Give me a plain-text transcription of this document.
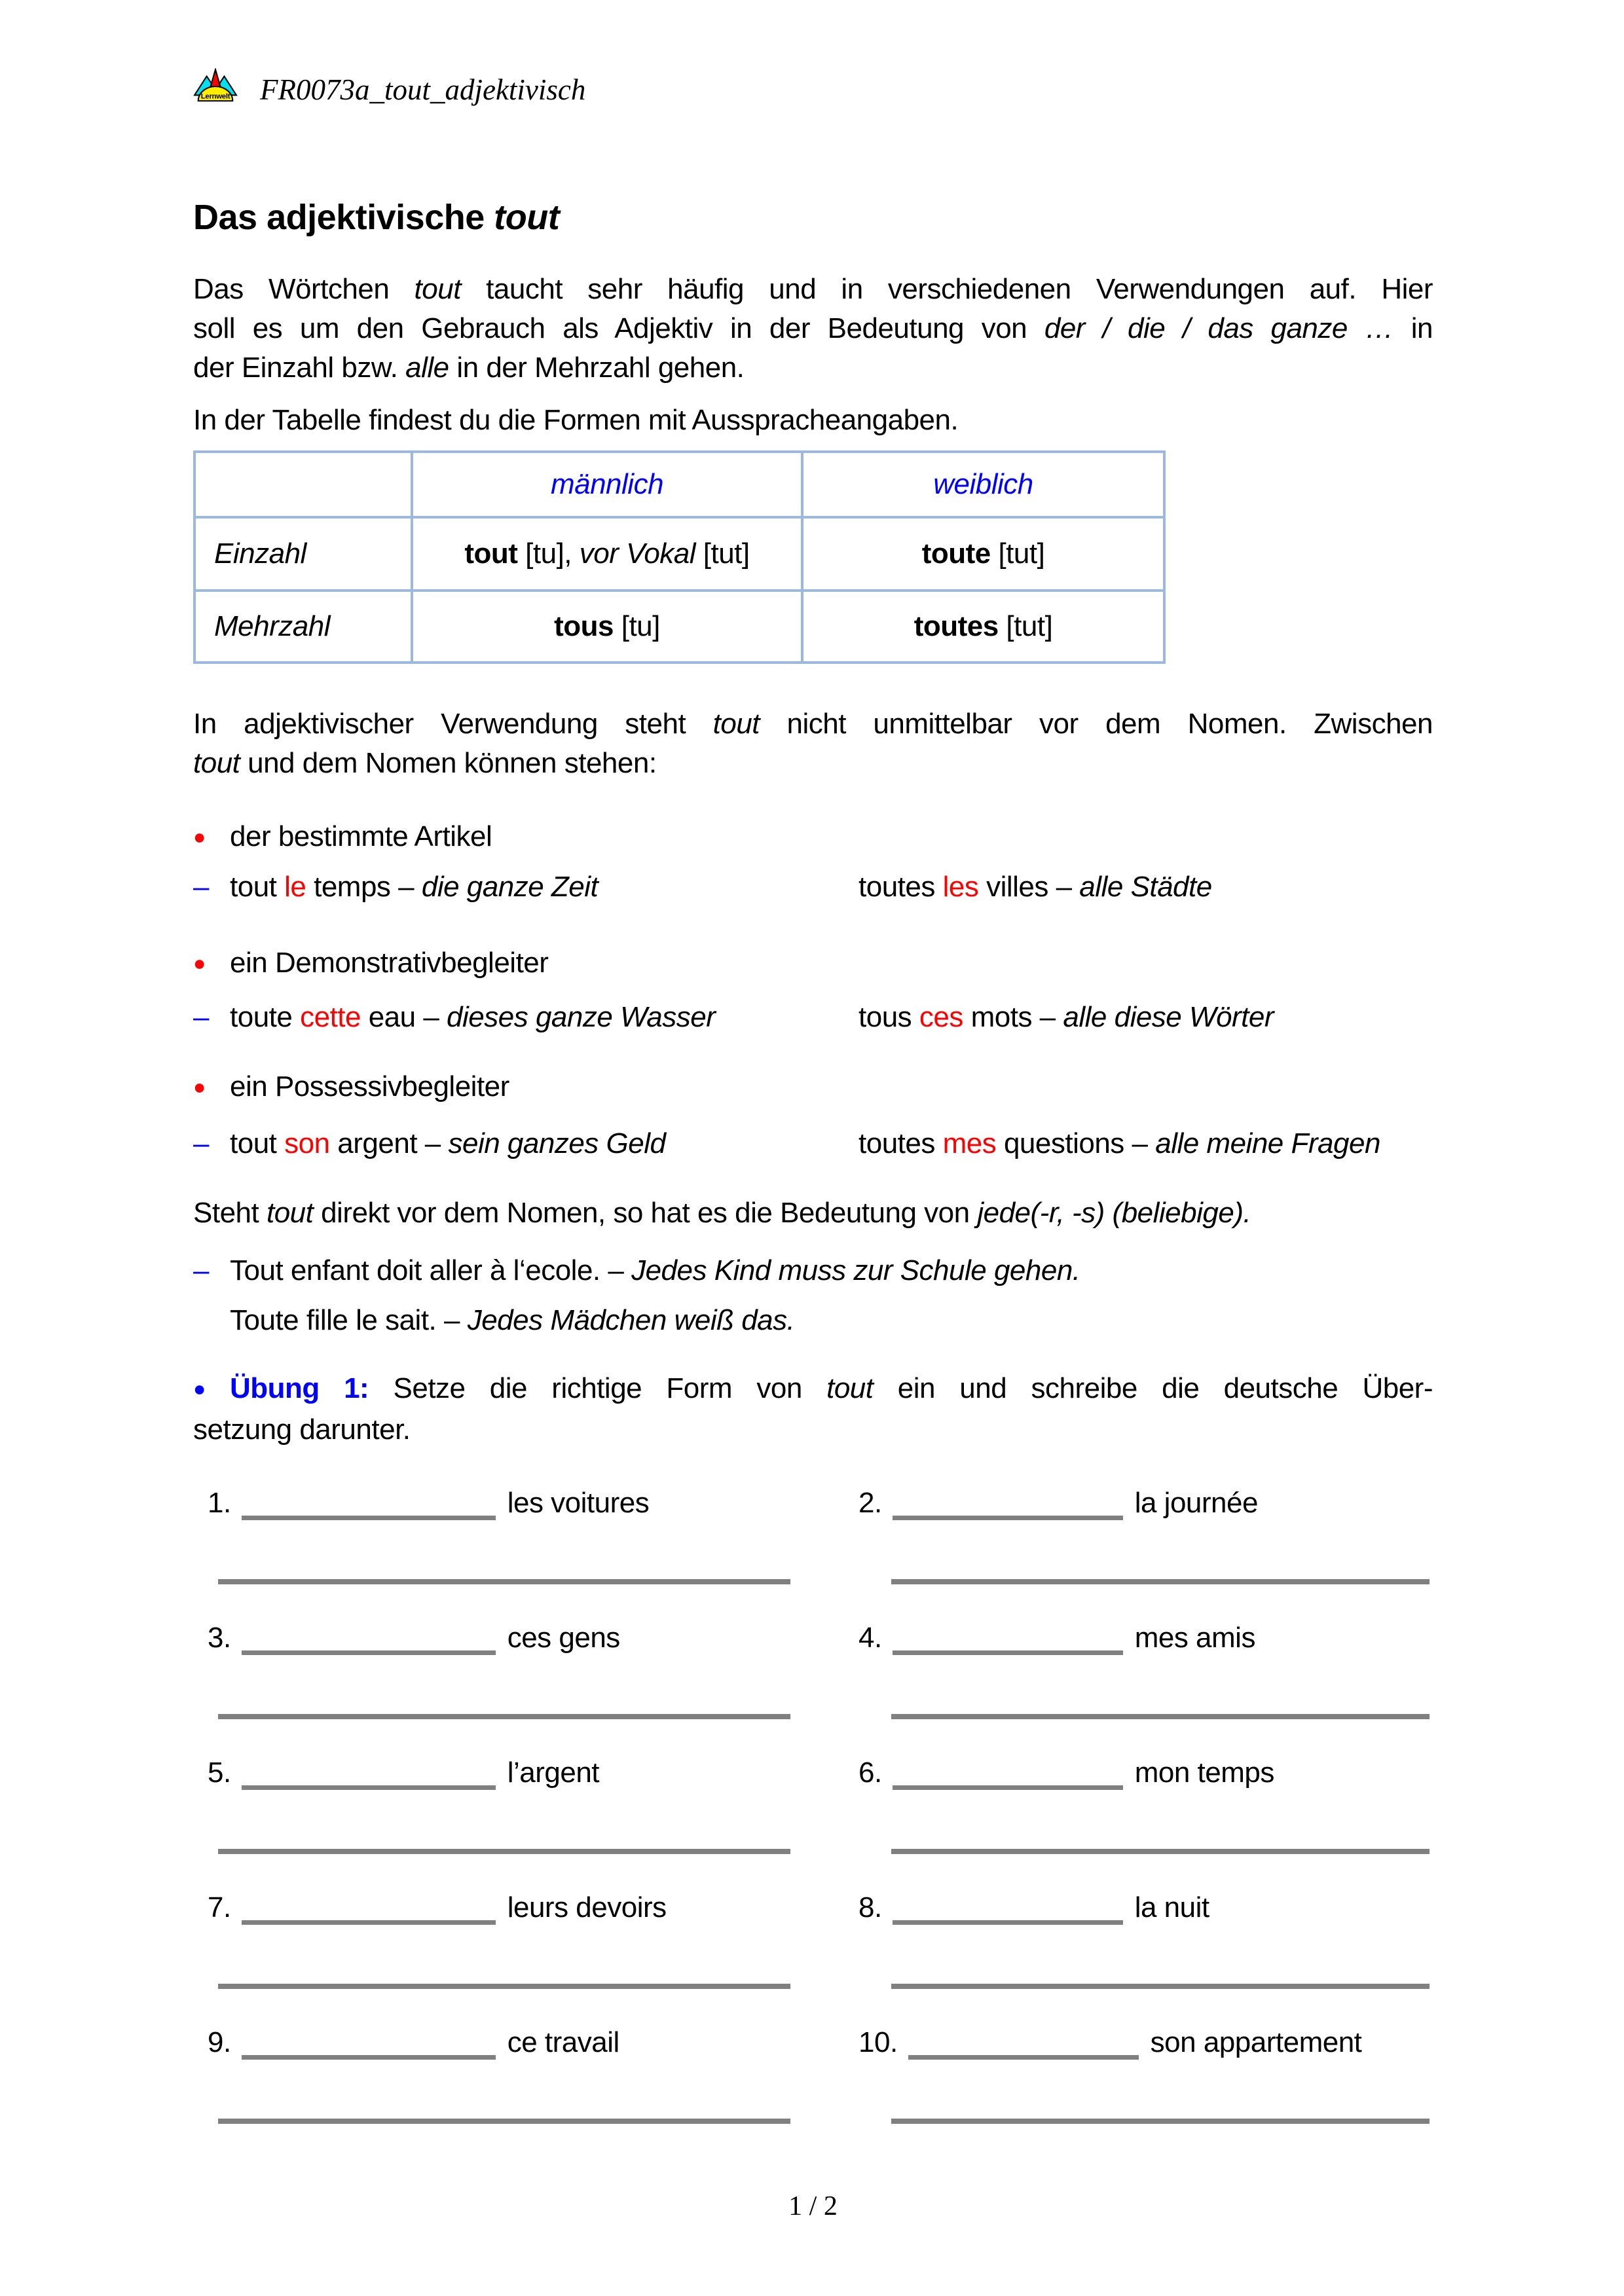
Lernwelt FR0073a_tout_adjektivisch
Das adjektivische tout
Das Wörtchen tout taucht sehr häufig und in verschiedenen Verwendungen auf. Hier
soll es um den Gebrauch als Adjektiv in der Bedeutung von der / die / das ganze … in
der Einzahl bzw. alle in der Mehrzahl gehen.
In der Tabelle findest du die Formen mit Ausspracheangaben.
	männlich	weiblich
Einzahl	tout [tu], vor Vokal [tut]	toute [tut]
Mehrzahl	tous [tu]	toutes [tut]
In adjektivischer Verwendung steht tout nicht unmittelbar vor dem Nomen. Zwischen
tout und dem Nomen können stehen:
● der bestimmte Artikel
– tout le temps – die ganze Zeit	toutes les villes – alle Städte
● ein Demonstrativbegleiter
– toute cette eau – dieses ganze Wasser	tous ces mots – alle diese Wörter
● ein Possessivbegleiter
– tout son argent – sein ganzes Geld	toutes mes questions – alle meine Fragen
Steht tout direkt vor dem Nomen, so hat es die Bedeutung von jede(-r, -s) (beliebige).
– Tout enfant doit aller à l‘ecole. – Jedes Kind muss zur Schule gehen.
Toute fille le sait. – Jedes Mädchen weiß das.
● Übung 1: Setze die richtige Form von tout ein und schreibe die deutsche Über-
setzung darunter.
1.	les voitures	2.	la journée
3.	ces gens	4.	mes amis
5.	l’argent	6.	mon temps
7.	leurs devoirs	8.	la nuit
9.	ce travail	10.	son appartement
1 / 2
